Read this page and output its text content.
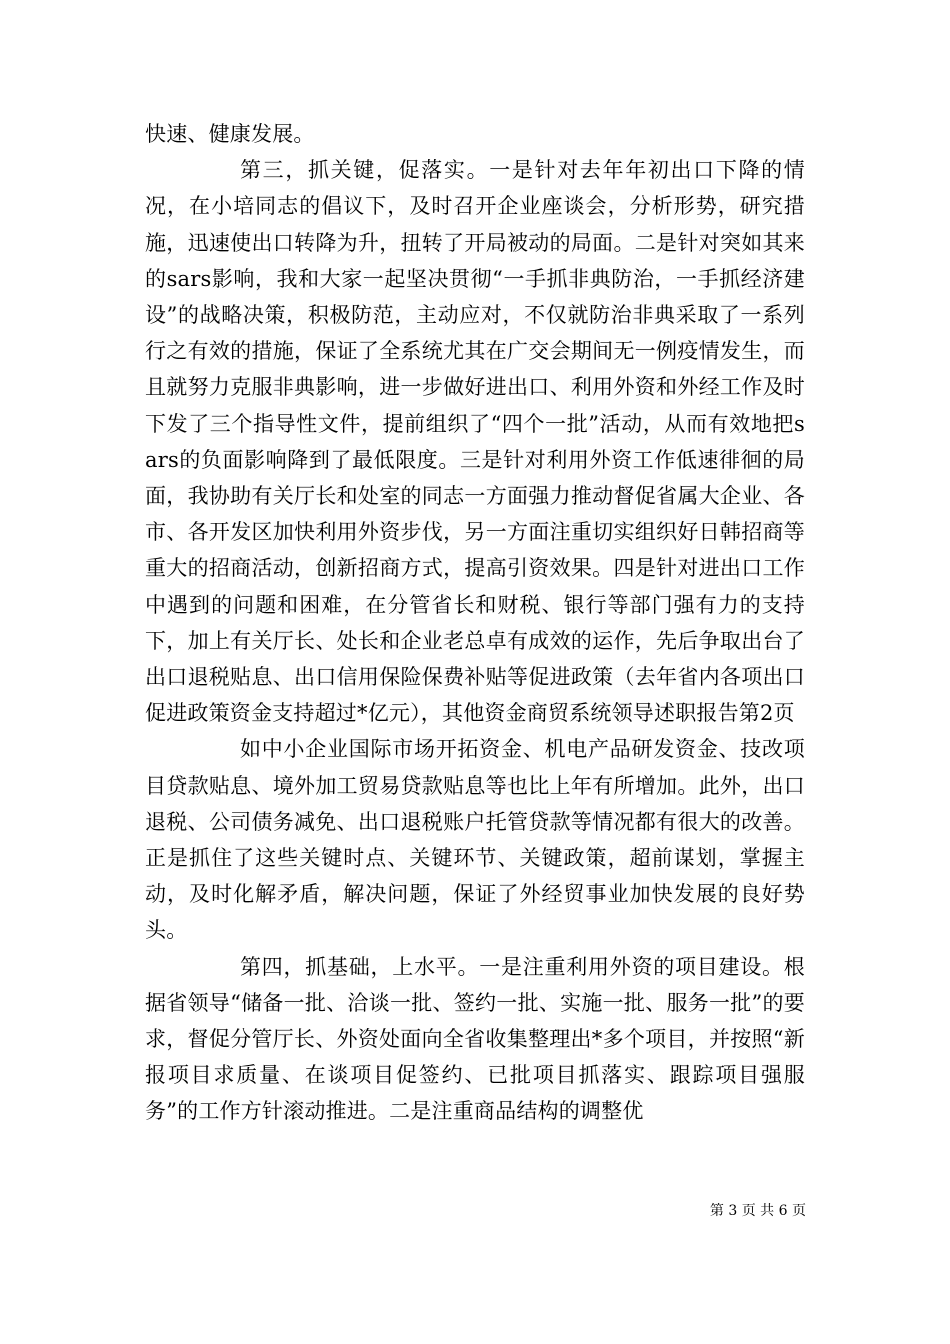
快速、健康发展。

第三，抓关键，促落实。一是针对去年年初出口下降的情况，在小培同志的倡议下，及时召开企业座谈会，分析形势，研究措施，迅速使出口转降为升，扭转了开局被动的局面。二是针对突如其来的sars影响，我和大家一起坚决贯彻“一手抓非典防治，一手抓经济建设”的战略决策，积极防范，主动应对，不仅就防治非典采取了一系列行之有效的措施，保证了全系统尤其在广交会期间无一例疫情发生，而且就努力克服非典影响，进一步做好进出口、利用外资和外经工作及时下发了三个指导性文件，提前组织了“四个一批”活动，从而有效地把sars的负面影响降到了最低限度。三是针对利用外资工作低速徘徊的局面，我协助有关厅长和处室的同志一方面强力推动督促省属大企业、各市、各开发区加快利用外资步伐，另一方面注重切实组织好日韩招商等重大的招商活动，创新招商方式，提高引资效果。四是针对进出口工作中遇到的问题和困难，在分管省长和财税、银行等部门强有力的支持下，加上有关厅长、处长和企业老总卓有成效的运作，先后争取出台了出口退税贴息、出口信用保险保费补贴等促进政策（去年省内各项出口促进政策资金支持超过*亿元），其他资金商贸系统领导述职报告第2页

如中小企业国际市场开拓资金、机电产品研发资金、技改项目贷款贴息、境外加工贸易贷款贴息等也比上年有所增加。此外，出口退税、公司债务减免、出口退税账户托管贷款等情况都有很大的改善。正是抓住了这些关键时点、关键环节、关键政策，超前谋划，掌握主动，及时化解矛盾，解决问题，保证了外经贸事业加快发展的良好势头。

第四，抓基础，上水平。一是注重利用外资的项目建设。根据省领导“储备一批、洽谈一批、签约一批、实施一批、服务一批”的要求，督促分管厅长、外资处面向全省收集整理出*多个项目，并按照“新报项目求质量、在谈项目促签约、已批项目抓落实、跟踪项目强服务”的工作方针滚动推进。二是注重商品结构的调整优

第 3 页 共 6 页
